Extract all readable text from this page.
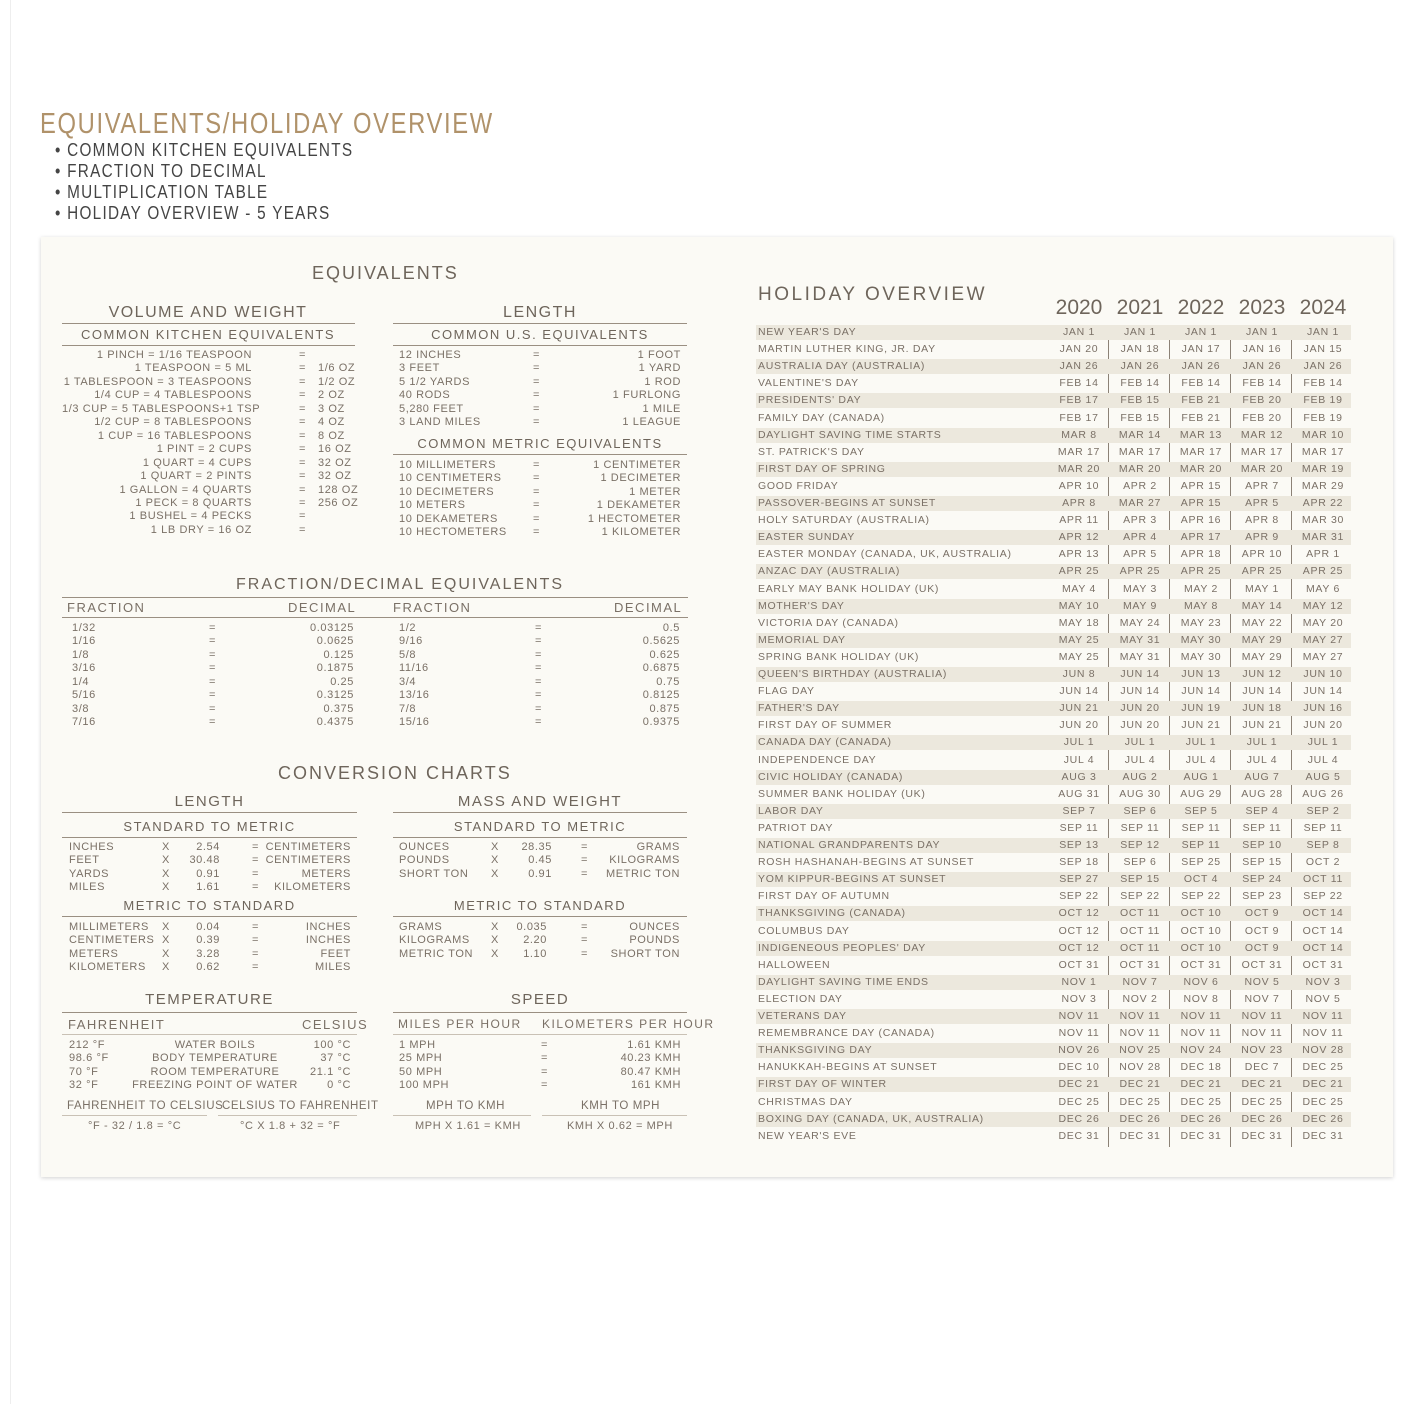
EQUIVALENTS/HOLIDAY OVERVIEW
• COMMON KITCHEN EQUIVALENTS
• FRACTION TO DECIMAL
• MULTIPLICATION TABLE
• HOLIDAY OVERVIEW - 5 YEARS
EQUIVALENTS
VOLUME AND WEIGHT
COMMON KITCHEN EQUIVALENTS
1 PINCH = 1/16 TEASPOON	=
1 TEASPOON = 5 ML	= 1/6 OZ
1 TABLESPOON = 3 TEASPOONS	= 1/2 OZ
1/4 CUP = 4 TABLESPOONS	= 2 OZ
1/3 CUP = 5 TABLESPOONS+1 TSP	= 3 OZ
1/2 CUP = 8 TABLESPOONS	= 4 OZ
1 CUP = 16 TABLESPOONS	= 8 OZ
1 PINT = 2 CUPS	= 16 OZ
1 QUART = 4 CUPS	= 32 OZ
1 QUART = 2 PINTS	= 32 OZ
1 GALLON = 4 QUARTS	= 128 OZ
1 PECK = 8 QUARTS	= 256 OZ
1 BUSHEL = 4 PECKS	=
1 LB DRY = 16 OZ	=
LENGTH
COMMON U.S. EQUIVALENTS
12 INCHES	=	1 FOOT
3 FEET	=	1 YARD
5 1/2 YARDS	=	1 ROD
40 RODS	=	1 FURLONG
5,280 FEET	=	1 MILE
3 LAND MILES	=	1 LEAGUE
COMMON METRIC EQUIVALENTS
10 MILLIMETERS	=	1 CENTIMETER
10 CENTIMETERS	=	1 DECIMETER
10 DECIMETERS	=	1 METER
10 METERS	=	1 DEKAMETER
10 DEKAMETERS	=	1 HECTOMETER
10 HECTOMETERS =	1 KILOMETER
FRACTION/DECIMAL EQUIVALENTS
FRACTION	DECIMAL	FRACTION	DECIMAL
1/32	=	0.03125
1/16	=	0.0625
1/8	=	0.125
3/16	=	0.1875
1/4	=	0.25
5/16	=	0.3125
3/8	=	0.375
7/16	=	0.4375
1/2	=	0.5
9/16	=	0.5625
5/8	=	0.625
11/16	=	0.6875
3/4	=	0.75
13/16	=	0.8125
7/8	=	0.875
15/16	=	0.9375
CONVERSION CHARTS
LENGTH
STANDARD TO METRIC
METRIC TO STANDARD
MASS AND WEIGHT
STANDARD TO METRIC
METRIC TO STANDARD
INCHES	X	2.54	= CENTIMETERS
FEET	X	30.48	= CENTIMETERS
YARDS	X	0.91	=	METERS
MILES	X	1.61	=	KILOMETERS
MILLIMETERS X	0.04	=	INCHES
CENTIMETERS X	0.39	=	INCHES
METERS	X	3.28	=	FEET
KILOMETERS X	0.62	=	MILES
OUNCES	X	28.35	=	GRAMS
POUNDS	X	0.45	=	KILOGRAMS
SHORT TON X	0.91	=	METRIC TON
GRAMS	X	0.035	=	OUNCES
KILOGRAMS X	2.20	=	POUNDS
METRIC TON X	1.10	=	SHORT TON
TEMPERATURE
FAHRENHEIT	CELSIUS
212 °F	WATER BOILS	100 °C
98.6 °F	BODY TEMPERATURE	37 °C
70 °F	ROOM TEMPERATURE	21.1 °C
32 °F	FREEZING POINT OF WATER	0 °C
FAHRENHEIT TO CELSIUS
CELSIUS TO FAHRENHEIT
°F - 32 / 1.8 = °C	°C X 1.8 + 32 = °F
SPEED
MILES PER HOUR KILOMETERS PER HOUR
1 MPH	=	1.61 KMH
25 MPH	=	40.23 KMH
50 MPH	=	80.47 KMH
100 MPH	=	161 KMH
MPH TO KMH	KMH TO MPH
MPH X 1.61 = KMH	KMH X 0.62 = MPH
HOLIDAY OVERVIEW
2020 2021 2022 2023 2024
NEW YEAR'S DAY	JAN 1	JAN 1	JAN 1	JAN 1	JAN 1
MARTIN LUTHER KING, JR. DAY	JAN 20	JAN 18	JAN 17	JAN 16	JAN 15
AUSTRALIA DAY (AUSTRALIA)	JAN 26	JAN 26	JAN 26	JAN 26	JAN 26
VALENTINE'S DAY	FEB 14	FEB 14	FEB 14	FEB 14	FEB 14
PRESIDENTS' DAY	FEB 17	FEB 15	FEB 21	FEB 20	FEB 19
FAMILY DAY (CANADA)	FEB 17	FEB 15	FEB 21	FEB 20	FEB 19
DAYLIGHT SAVING TIME STARTS	MAR 8	MAR 14	MAR 13	MAR 12	MAR 10
ST. PATRICK'S DAY	MAR 17	MAR 17	MAR 17	MAR 17	MAR 17
FIRST DAY OF SPRING	MAR 20	MAR 20	MAR 20	MAR 20	MAR 19
GOOD FRIDAY	APR 10	APR 2	APR 15	APR 7	MAR 29
PASSOVER-BEGINS AT SUNSET	APR 8	MAR 27	APR 15	APR 5	APR 22
HOLY SATURDAY (AUSTRALIA)	APR 11	APR 3	APR 16	APR 8	MAR 30
EASTER SUNDAY	APR 12	APR 4	APR 17	APR 9	MAR 31
EASTER MONDAY (CANADA, UK, AUSTRALIA)	APR 13	APR 5	APR 18	APR 10	APR 1
ANZAC DAY (AUSTRALIA)	APR 25	APR 25	APR 25	APR 25	APR 25
EARLY MAY BANK HOLIDAY (UK)	MAY 4	MAY 3	MAY 2	MAY 1	MAY 6
MOTHER'S DAY	MAY 10	MAY 9	MAY 8	MAY 14	MAY 12
VICTORIA DAY (CANADA)	MAY 18	MAY 24	MAY 23	MAY 22	MAY 20
MEMORIAL DAY	MAY 25	MAY 31	MAY 30	MAY 29	MAY 27
SPRING BANK HOLIDAY (UK)	MAY 25	MAY 31	MAY 30	MAY 29	MAY 27
QUEEN'S BIRTHDAY (AUSTRALIA)	JUN 8	JUN 14	JUN 13	JUN 12	JUN 10
FLAG DAY	JUN 14	JUN 14	JUN 14	JUN 14	JUN 14
FATHER'S DAY	JUN 21	JUN 20	JUN 19	JUN 18	JUN 16
FIRST DAY OF SUMMER	JUN 20	JUN 20	JUN 21	JUN 21	JUN 20
CANADA DAY (CANADA)	JUL 1	JUL 1	JUL 1	JUL 1	JUL 1
INDEPENDENCE DAY	JUL 4	JUL 4	JUL 4	JUL 4	JUL 4
CIVIC HOLIDAY (CANADA)	AUG 3	AUG 2	AUG 1	AUG 7	AUG 5
SUMMER BANK HOLIDAY (UK)	AUG 31	AUG 30	AUG 29	AUG 28	AUG 26
LABOR DAY	SEP 7	SEP 6	SEP 5	SEP 4	SEP 2
PATRIOT DAY	SEP 11	SEP 11	SEP 11	SEP 11	SEP 11
NATIONAL GRANDPARENTS DAY	SEP 13	SEP 12	SEP 11	SEP 10	SEP 8
ROSH HASHANAH-BEGINS AT SUNSET	SEP 18	SEP 6	SEP 25	SEP 15	OCT 2
YOM KIPPUR-BEGINS AT SUNSET	SEP 27	SEP 15	OCT 4	SEP 24	OCT 11
FIRST DAY OF AUTUMN	SEP 22	SEP 22	SEP 22	SEP 23	SEP 22
THANKSGIVING (CANADA)	OCT 12	OCT 11	OCT 10	OCT 9	OCT 14
COLUMBUS DAY	OCT 12	OCT 11	OCT 10	OCT 9	OCT 14
INDIGENEOUS PEOPLES' DAY	OCT 12	OCT 11	OCT 10	OCT 9	OCT 14
HALLOWEEN	OCT 31	OCT 31	OCT 31	OCT 31	OCT 31
DAYLIGHT SAVING TIME ENDS	NOV 1	NOV 7	NOV 6	NOV 5	NOV 3
ELECTION DAY	NOV 3	NOV 2	NOV 8	NOV 7	NOV 5
VETERANS DAY	NOV 11	NOV 11	NOV 11	NOV 11	NOV 11
REMEMBRANCE DAY (CANADA)	NOV 11	NOV 11	NOV 11	NOV 11	NOV 11
THANKSGIVING DAY	NOV 26	NOV 25	NOV 24	NOV 23	NOV 28
HANUKKAH-BEGINS AT SUNSET	DEC 10	NOV 28	DEC 18	DEC 7	DEC 25
FIRST DAY OF WINTER	DEC 21	DEC 21	DEC 21	DEC 21	DEC 21
CHRISTMAS DAY	DEC 25	DEC 25	DEC 25	DEC 25	DEC 25
BOXING DAY (CANADA, UK, AUSTRALIA)	DEC 26	DEC 26	DEC 26	DEC 26	DEC 26
NEW YEAR'S EVE	DEC 31	DEC 31	DEC 31	DEC 31	DEC 31
